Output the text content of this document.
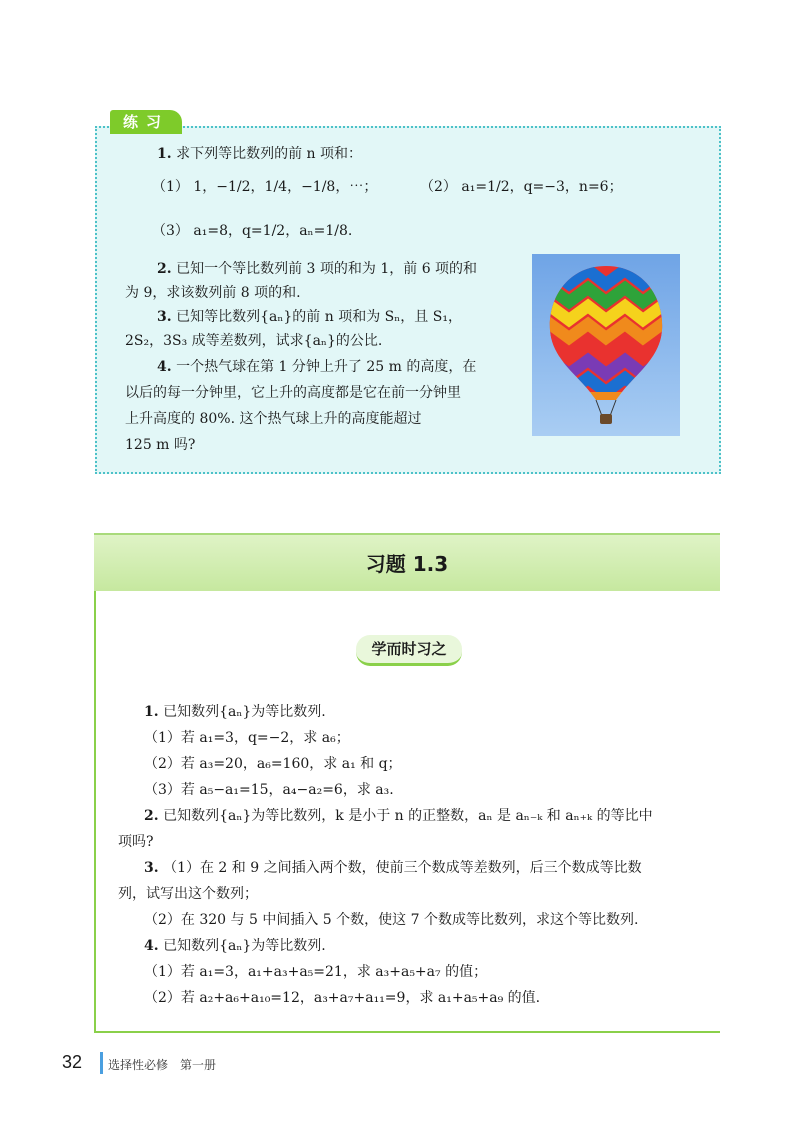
练习
1. 求下列等比数列的前 n 项和：
（1） 1，−1/2，1/4，−1/8，⋯；	（2） a₁=1/2，q=−3，n=6；
（3） a₁=8，q=1/2，aₙ=1/8.
2. 已知一个等比数列前 3 项的和为 1，前 6 项的和
为 9，求该数列前 8 项的和.
3. 已知等比数列{aₙ}的前 n 项和为 Sₙ，且 S₁，
2S₂，3S₃ 成等差数列，试求{aₙ}的公比.
4. 一个热气球在第 1 分钟上升了 25 m 的高度，在
以后的每一分钟里，它上升的高度都是它在前一分钟里
上升高度的 80%. 这个热气球上升的高度能超过
125 m 吗?
习题 1.3
学而时习之
1. 已知数列{aₙ}为等比数列.
（1）若 a₁=3，q=−2，求 a₆；
（2）若 a₃=20，a₆=160，求 a₁ 和 q；
（3）若 a₅−a₁=15，a₄−a₂=6，求 a₃.
2. 已知数列{aₙ}为等比数列，k 是小于 n 的正整数，aₙ 是 aₙ₋ₖ 和 aₙ₊ₖ 的等比中
项吗?
3. （1）在 2 和 9 之间插入两个数，使前三个数成等差数列，后三个数成等比数
列，试写出这个数列；
（2）在 320 与 5 中间插入 5 个数，使这 7 个数成等比数列，求这个等比数列.
4. 已知数列{aₙ}为等比数列.
（1）若 a₁=3，a₁+a₃+a₅=21，求 a₃+a₅+a₇ 的值；
（2）若 a₂+a₆+a₁₀=12，a₃+a₇+a₁₁=9，求 a₁+a₅+a₉ 的值.
32 选择性必修　第一册
